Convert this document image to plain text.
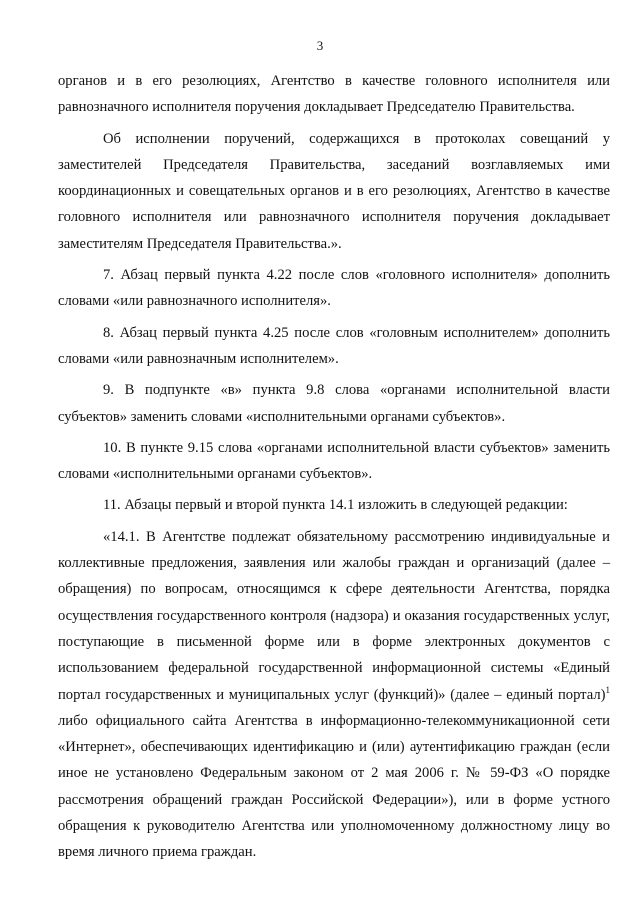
3

органов и в его резолюциях, Агентство в качестве головного исполнителя или равнозначного исполнителя поручения докладывает Председателю Правительства.

Об исполнении поручений, содержащихся в протоколах совещаний у заместителей Председателя Правительства, заседаний возглавляемых ими координационных и совещательных органов и в его резолюциях, Агентство в качестве головного исполнителя или равнозначного исполнителя поручения докладывает заместителям Председателя Правительства.».

7. Абзац первый пункта 4.22 после слов «головного исполнителя» дополнить словами «или равнозначного исполнителя».

8. Абзац первый пункта 4.25 после слов «головным исполнителем» дополнить словами «или равнозначным исполнителем».

9. В подпункте «в» пункта 9.8 слова «органами исполнительной власти субъектов» заменить словами «исполнительными органами субъектов».

10. В пункте 9.15 слова «органами исполнительной власти субъектов» заменить словами «исполнительными органами субъектов».

11. Абзацы первый и второй пункта 14.1 изложить в следующей редакции:

«14.1. В Агентстве подлежат обязательному рассмотрению индивидуальные и коллективные предложения, заявления или жалобы граждан и организаций (далее – обращения) по вопросам, относящимся к сфере деятельности Агентства, порядка осуществления государственного контроля (надзора) и оказания государственных услуг, поступающие в письменной форме или в форме электронных документов с использованием федеральной государственной информационной системы «Единый портал государственных и муниципальных услуг (функций)» (далее – единый портал)$^1$ либо официального сайта Агентства в информационно-телекоммуникационной сети «Интернет», обеспечивающих идентификацию и (или) аутентификацию граждан (если иное не установлено Федеральным законом от 2 мая 2006 г. № 59-ФЗ «О порядке рассмотрения обращений граждан Российской Федерации»), или в форме устного обращения к руководителю Агентства или уполномоченному должностному лицу во время личного приема граждан.
